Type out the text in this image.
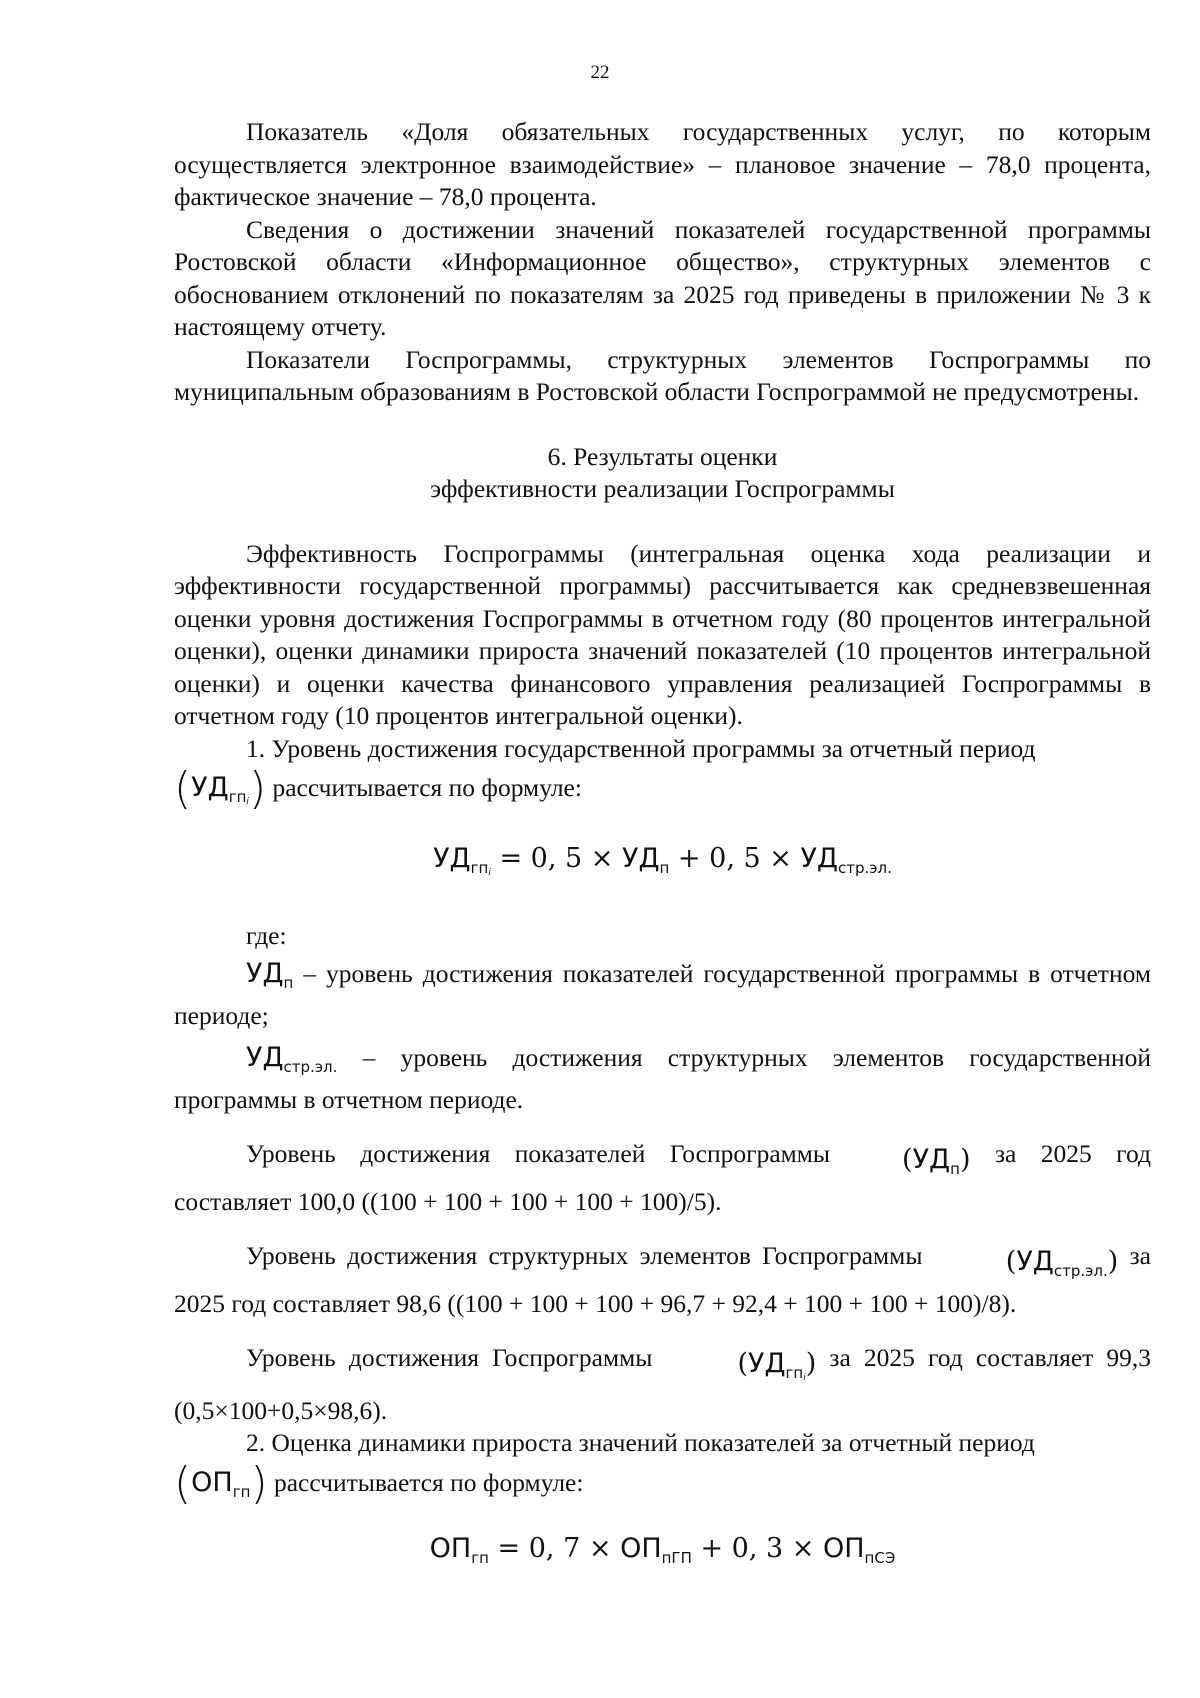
22

Показатель «Доля обязательных государственных услуг, по которым осуществляется электронное взаимодействие» – плановое значение – 78,0 процента, фактическое значение – 78,0 процента.

Сведения о достижении значений показателей государственной программы Ростовской области «Информационное общество», структурных элементов с обоснованием отклонений по показателям за 2025 год приведены в приложении № 3 к настоящему отчету.

Показатели Госпрограммы, структурных элементов Госпрограммы по муниципальным образованиям в Ростовской области Госпрограммой не предусмотрены.

6. Результаты оценки

эффективности реализации Госпрограммы

Эффективность Госпрограммы (интегральная оценка хода реализации и эффективности государственной программы) рассчитывается как средневзвешенная оценки уровня достижения Госпрограммы в отчетном году (80 процентов интегральной оценки), оценки динамики прироста значений показателей (10 процентов интегральной оценки) и оценки качества финансового управления реализацией Госпрограммы в отчетном году (10 процентов интегральной оценки).

1. Уровень достижения государственной программы за отчетный период

$(УД_{гпi})$ рассчитывается по формуле:

$УД_{гпi} = 0$, $5 \times УД_п + 0$, $5 \times УД_{стр.эл.}$

где:

$УД_п$ – уровень достижения показателей государственной программы в отчетном периоде;

$УД_{стр.эл.}$ – уровень достижения структурных элементов государственной программы в отчетном периоде.

Уровень достижения показателей Госпрограммы	$(УД_п)$ за 2025 год составляет 100,0 ((100 + 100 + 100 + 100 + 100)/5).

Уровень достижения структурных элементов Госпрограммы	$(УД_{стр.эл.})$ за 2025 год составляет 98,6 ((100 + 100 + 100 + 96,7 + 92,4 + 100 + 100 + 100)/8).

Уровень достижения Госпрограммы	$(УД_{гпi})$ за 2025 год составляет 99,3 (0,5×100+0,5×98,6).

2. Оценка динамики прироста значений показателей за отчетный период

$(ОП_{гп})$ рассчитывается по формуле:

$ОП_{гп} = 0$, $7 \times ОП_{пГП} + 0$, $3 \times ОП_{пСЭ}$
